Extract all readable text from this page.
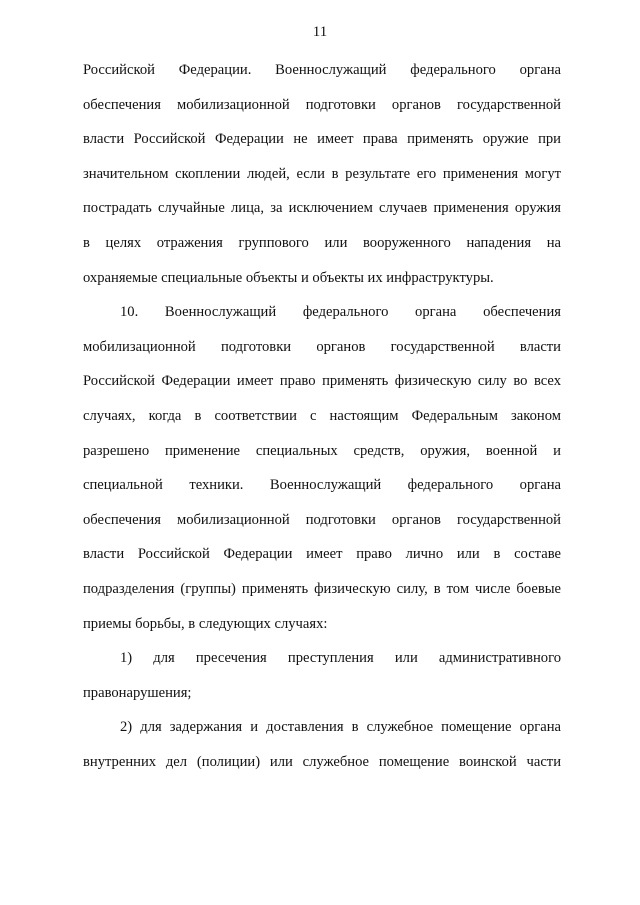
11
Российской Федерации. Военнослужащий федерального органа
обеспечения мобилизационной подготовки органов государственной
власти Российской Федерации не имеет права применять оружие при
значительном скоплении людей, если в результате его применения могут
пострадать случайные лица, за исключением случаев применения оружия
в целях отражения группового или вооруженного нападения на
охраняемые специальные объекты и объекты их инфраструктуры.
10. Военнослужащий федерального органа обеспечения
мобилизационной подготовки органов государственной власти
Российской Федерации имеет право применять физическую силу во всех
случаях, когда в соответствии с настоящим Федеральным законом
разрешено применение специальных средств, оружия, военной и
специальной техники. Военнослужащий федерального органа
обеспечения мобилизационной подготовки органов государственной
власти Российской Федерации имеет право лично или в составе
подразделения (группы) применять физическую силу, в том числе боевые
приемы борьбы, в следующих случаях:
1) для пресечения преступления или административного
правонарушения;
2) для задержания и доставления в служебное помещение органа
внутренних дел (полиции) или служебное помещение воинской части
